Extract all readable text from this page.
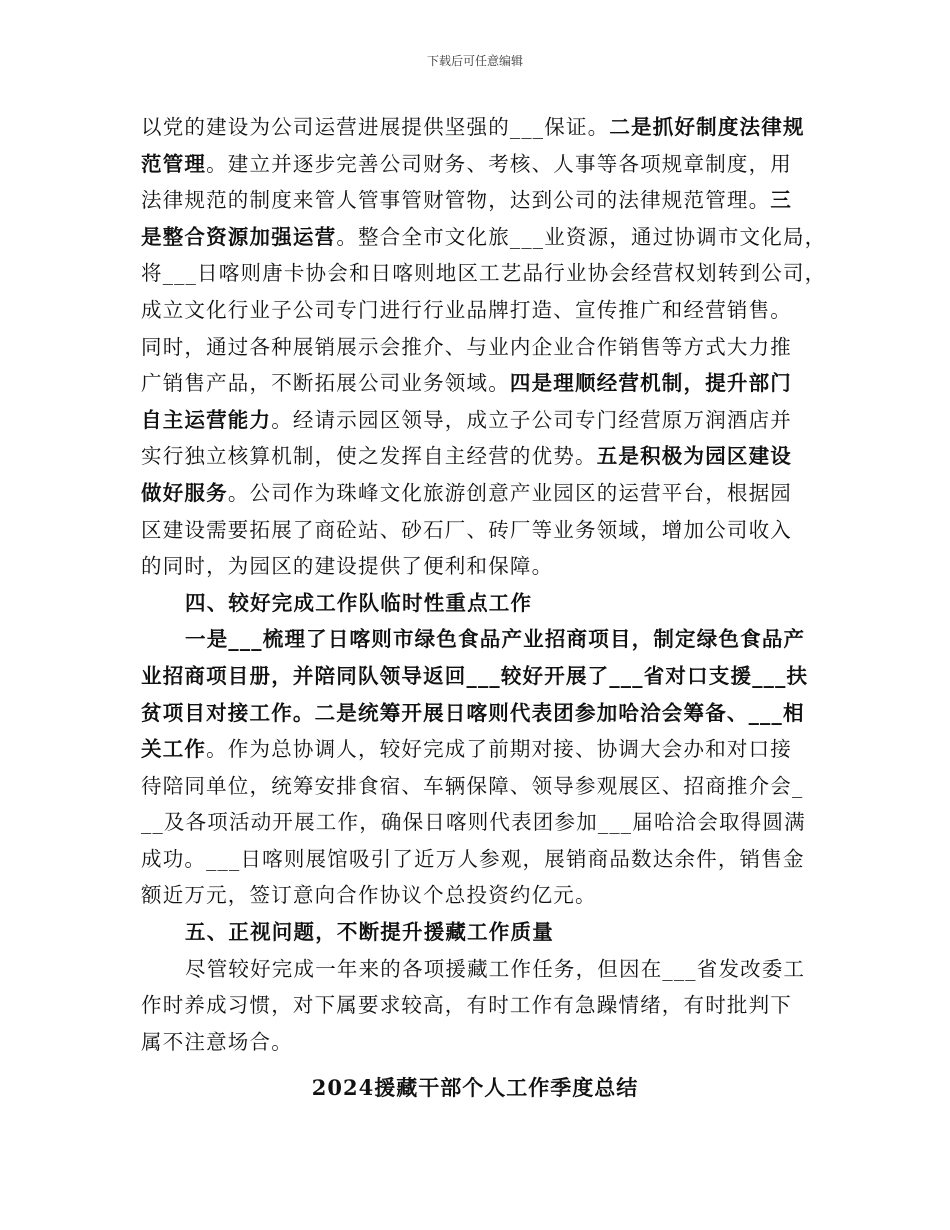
下载后可任意编辑
以党的建设为公司运营进展提供坚强的___保证。二是抓好制度法律规
范管理。建立并逐步完善公司财务、考核、人事等各项规章制度，用
法律规范的制度来管人管事管财管物，达到公司的法律规范管理。三
是整合资源加强运营。整合全市文化旅___业资源，通过协调市文化局，
将___日喀则唐卡协会和日喀则地区工艺品行业协会经营权划转到公司，
成立文化行业子公司专门进行行业品牌打造、宣传推广和经营销售。
同时，通过各种展销展示会推介、与业内企业合作销售等方式大力推
广销售产品，不断拓展公司业务领域。四是理顺经营机制，提升部门
自主运营能力。经请示园区领导，成立子公司专门经营原万润酒店并
实行独立核算机制，使之发挥自主经营的优势。五是积极为园区建设
做好服务。公司作为珠峰文化旅游创意产业园区的运营平台，根据园
区建设需要拓展了商砼站、砂石厂、砖厂等业务领域，增加公司收入
的同时，为园区的建设提供了便利和保障。
四、较好完成工作队临时性重点工作
一是___梳理了日喀则市绿色食品产业招商项目，制定绿色食品产
业招商项目册，并陪同队领导返回___较好开展了___省对口支援___扶
贫项目对接工作。二是统筹开展日喀则代表团参加哈洽会筹备、___相
关工作。作为总协调人，较好完成了前期对接、协调大会办和对口接
待陪同单位，统筹安排食宿、车辆保障、领导参观展区、招商推介会_
__及各项活动开展工作，确保日喀则代表团参加___届哈洽会取得圆满
成功。___日喀则展馆吸引了近万人参观，展销商品数达余件，销售金
额近万元，签订意向合作协议个总投资约亿元。
五、正视问题，不断提升援藏工作质量
尽管较好完成一年来的各项援藏工作任务，但因在___省发改委工
作时养成习惯，对下属要求较高，有时工作有急躁情绪，有时批判下
属不注意场合。
2024援藏干部个人工作季度总结
